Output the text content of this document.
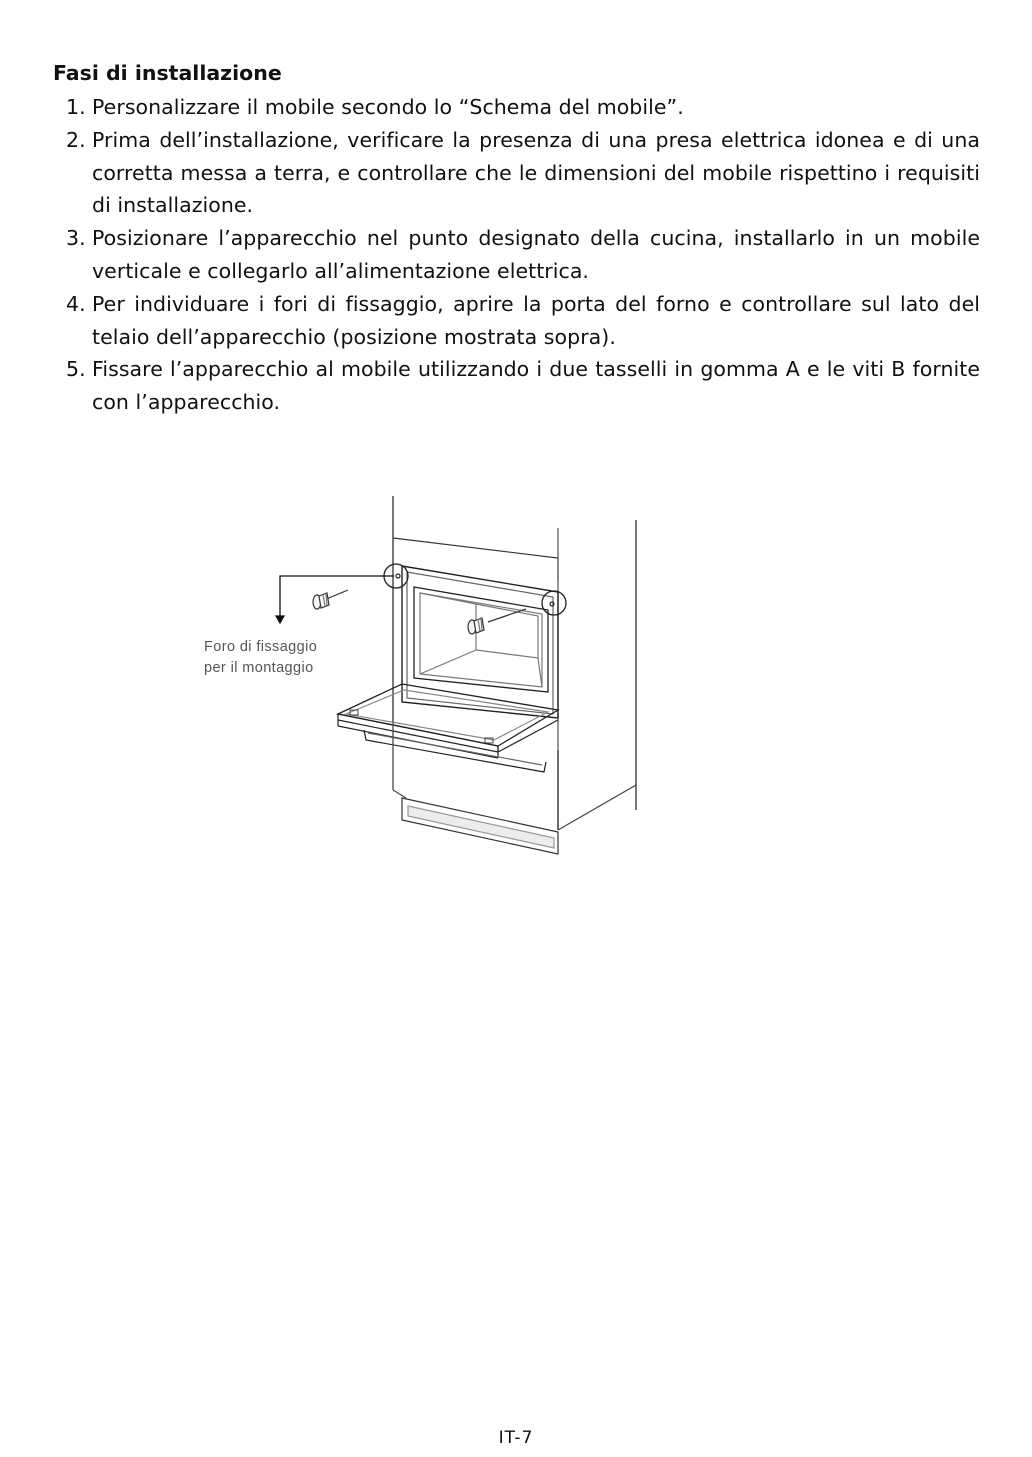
Fasi di installazione
1. Personalizzare il mobile secondo lo “Schema del mobile”.
2. Prima dell’installazione, verificare la presenza di una presa elettrica idonea e di una corretta messa a terra, e controllare che le dimensioni del mobile rispettino i requisiti di installazione.
3. Posizionare l’apparecchio nel punto designato della cucina, installarlo in un mobile verticale e collegarlo all’alimentazione elettrica.
4. Per individuare i fori di fissaggio, aprire la porta del forno e controllare sul lato del telaio dell’apparecchio (posizione mostrata sopra).
5. Fissare l’apparecchio al mobile utilizzando i due tasselli in gomma A e le viti B fornite con l’apparecchio.
Foro di fissaggio
per il montaggio
IT-7
